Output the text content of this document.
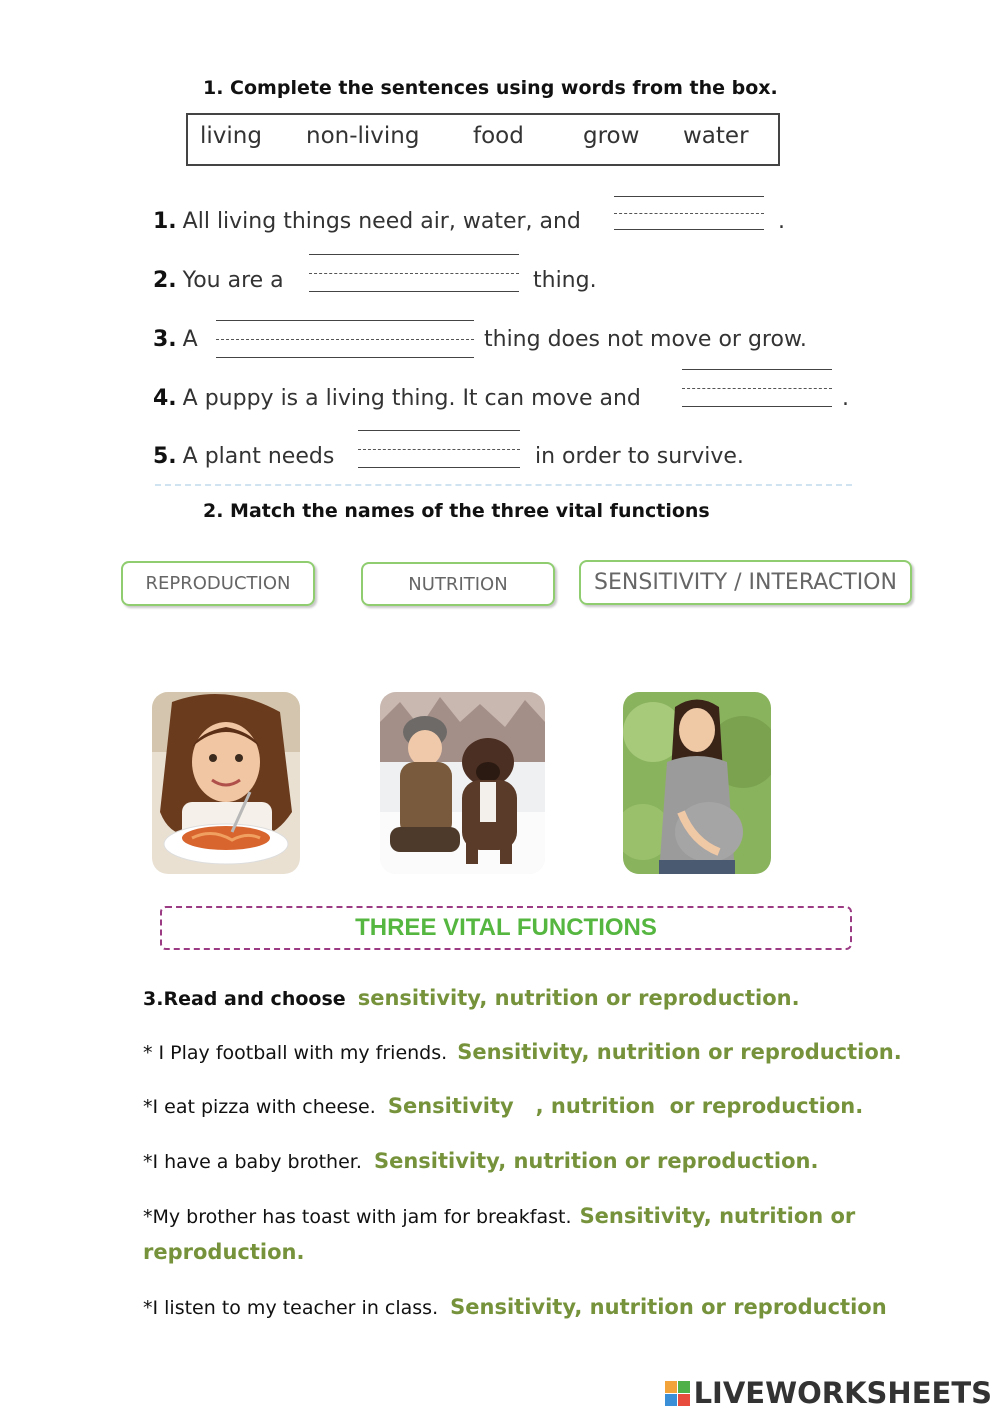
1. Complete the sentences using words from the box.
living non-living food	grow water
1. All living things need air, water, and	.
2. You are a	thing.
3. A	thing does not move or grow.
4. A puppy is a living thing. It can move and	.
5. A plant needs	in order to survive.
2. Match the names of the three vital functions
REPRODUCTION	NUTRITION	SENSITIVITY / INTERACTION
THREE VITAL FUNCTIONS
3.Read and choose sensitivity, nutrition or reproduction.
* I Play football with my friends. Sensitivity, nutrition or reproduction.
*I eat pizza with cheese. Sensitivity   , nutrition  or reproduction.
*I have a baby brother. Sensitivity, nutrition or reproduction.
*My brother has toast with jam for breakfast. Sensitivity, nutrition or
reproduction.
*I listen to my teacher in class. Sensitivity, nutrition or reproduction
LIVEWORKSHEETS
